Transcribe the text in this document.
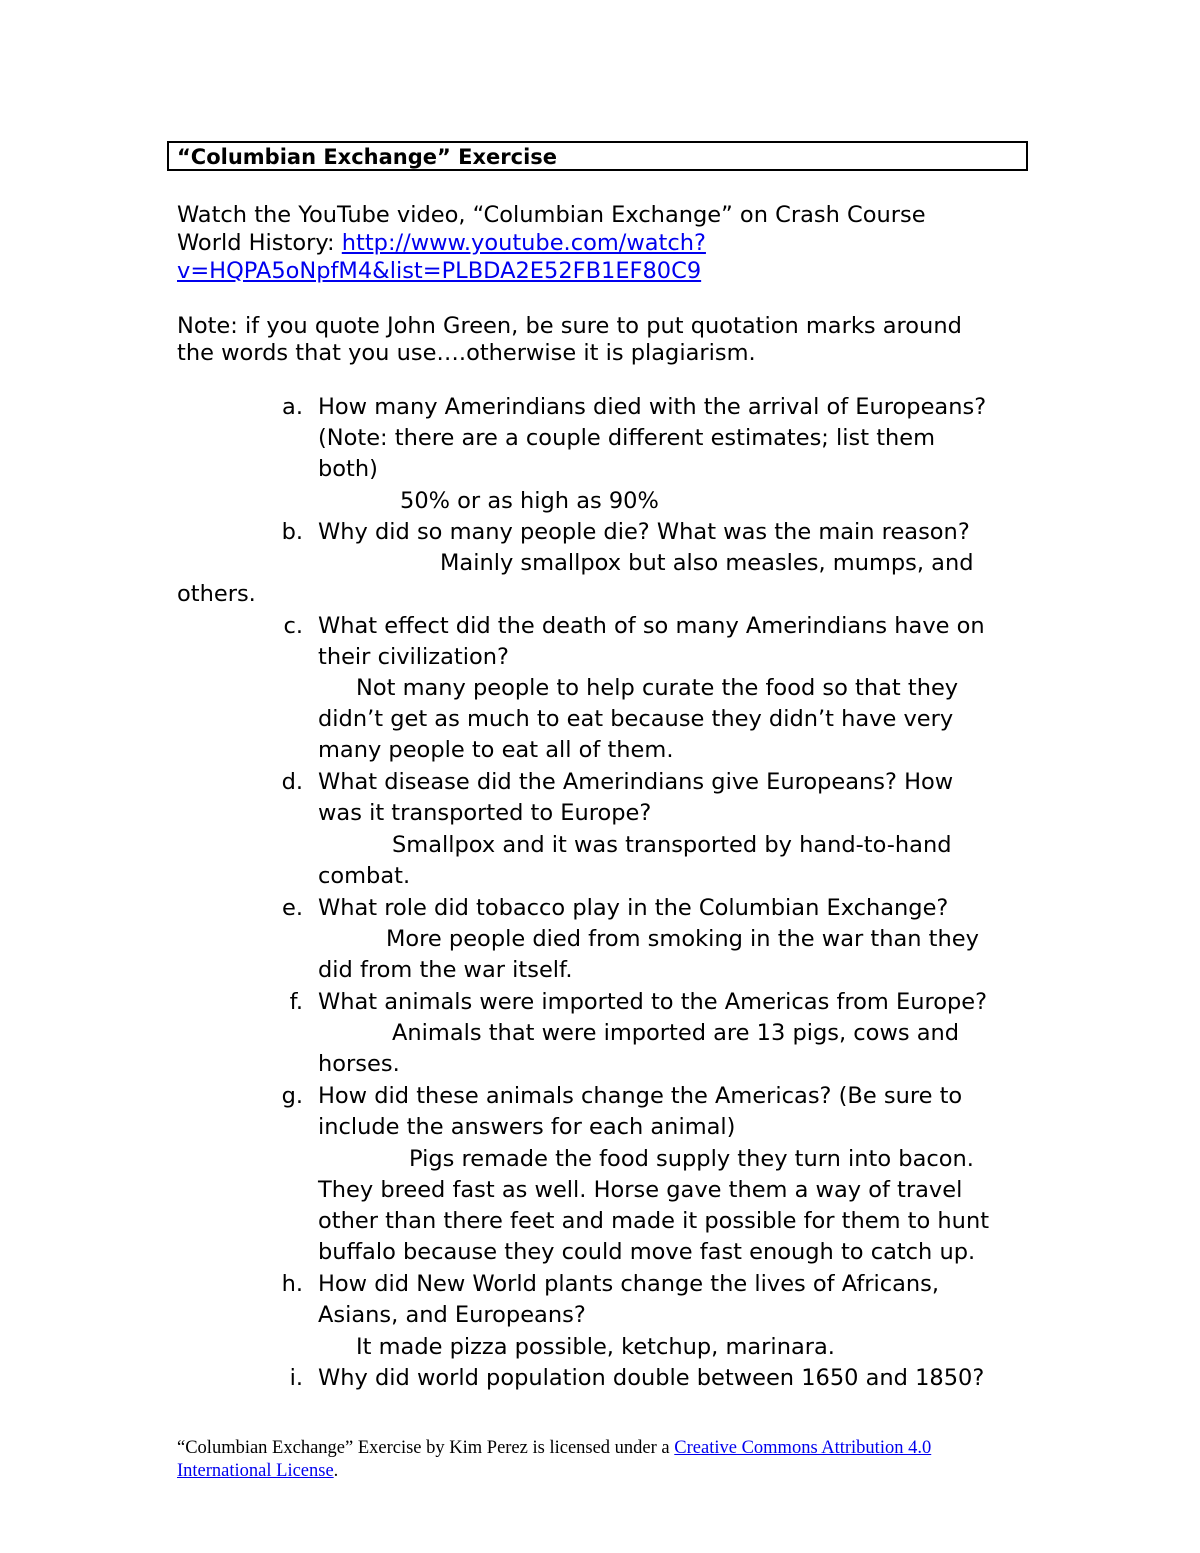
“Columbian Exchange” Exercise
Watch the YouTube video, “Columbian Exchange” on Crash Course
World History: http://www.youtube.com/watch?
v=HQPA5oNpfM4&list=PLBDA2E52FB1EF80C9
Note: if you quote John Green, be sure to put quotation marks around
the words that you use….otherwise it is plagiarism.
a. How many Amerindians died with the arrival of Europeans?
(Note: there are a couple different estimates; list them
both)
50% or as high as 90%
b. Why did so many people die? What was the main reason?
Mainly smallpox but also measles, mumps, and
others.
c. What effect did the death of so many Amerindians have on
their civilization?
Not many people to help curate the food so that they
didn’t get as much to eat because they didn’t have very
many people to eat all of them.
d. What disease did the Amerindians give Europeans? How
was it transported to Europe?
Smallpox and it was transported by hand-to-hand
combat.
e. What role did tobacco play in the Columbian Exchange?
More people died from smoking in the war than they
did from the war itself.
f. What animals were imported to the Americas from Europe?
Animals that were imported are 13 pigs, cows and
horses.
g. How did these animals change the Americas? (Be sure to
include the answers for each animal)
Pigs remade the food supply they turn into bacon.
They breed fast as well. Horse gave them a way of travel
other than there feet and made it possible for them to hunt
buffalo because they could move fast enough to catch up.
h. How did New World plants change the lives of Africans,
Asians, and Europeans?
It made pizza possible, ketchup, marinara.
i. Why did world population double between 1650 and 1850?
“Columbian Exchange” Exercise by Kim Perez is licensed under a Creative Commons Attribution 4.0
International License.
